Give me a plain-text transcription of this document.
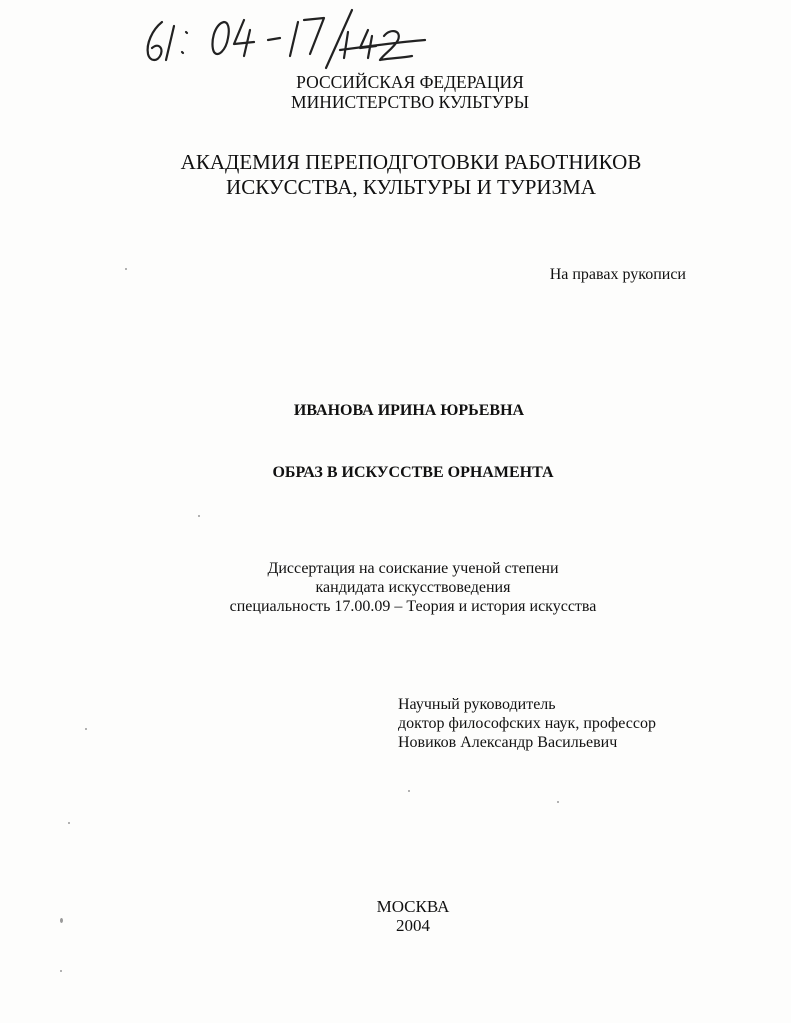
РОССИЙСКАЯ ФЕДЕРАЦИЯ
МИНИСТЕРСТВО КУЛЬТУРЫ
АКАДЕМИЯ ПЕРЕПОДГОТОВКИ РАБОТНИКОВ
ИСКУССТВА, КУЛЬТУРЫ И ТУРИЗМА
На правах рукописи
ИВАНОВА ИРИНА ЮРЬЕВНА
ОБРАЗ В ИСКУССТВЕ ОРНАМЕНТА
Диссертация на соискание ученой степени
кандидата искусствоведения
специальность 17.00.09 – Теория и история искусства
Научный руководитель
доктор философских наук, профессор
Новиков Александр Васильевич
МОСКВА
2004
